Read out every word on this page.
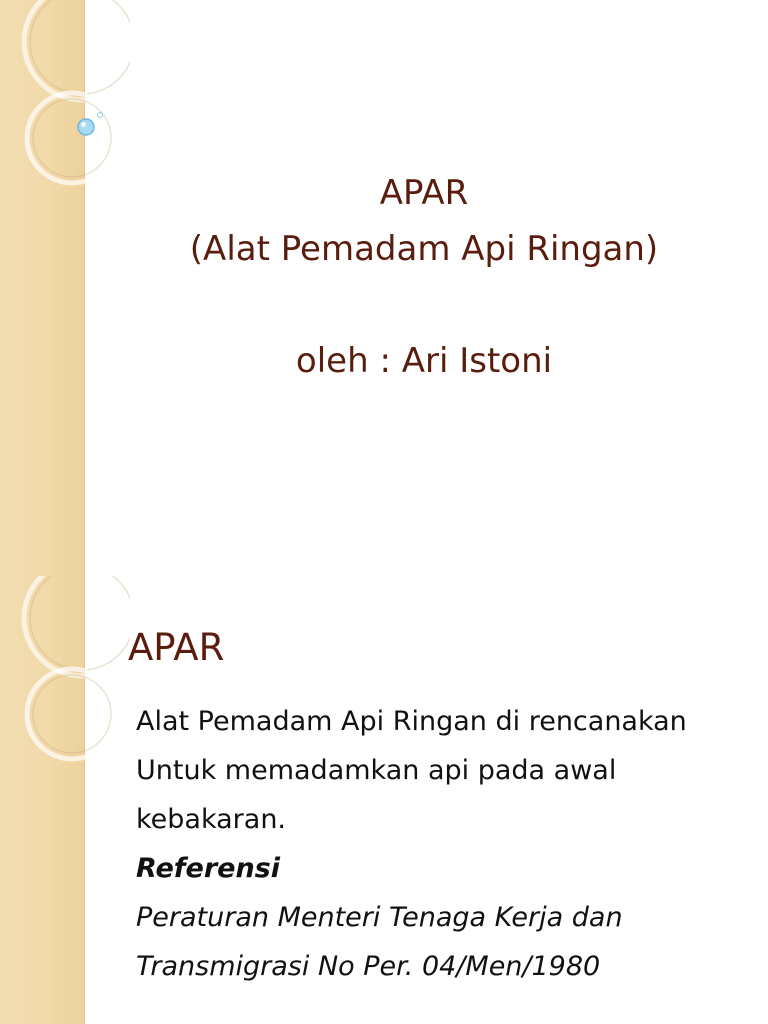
APAR
(Alat Pemadam Api Ringan)

oleh : Ari Istoni
APAR
Alat Pemadam Api Ringan di rencanakan
Untuk memadamkan api pada awal
kebakaran.
Referensi
Peraturan Menteri Tenaga Kerja dan
Transmigrasi No Per. 04/Men/1980
